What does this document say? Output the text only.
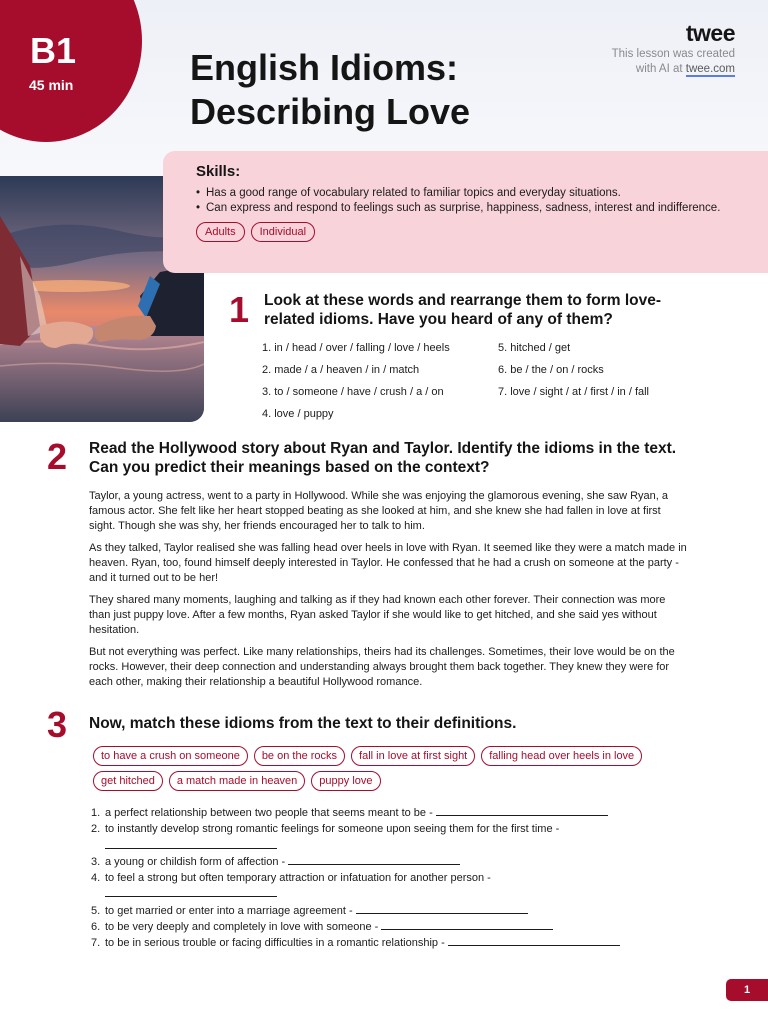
B1
45 min	English Idioms:
Describing Love
twee
This lesson was created
with AI at twee.com
Skills:
• Has a good range of vocabulary related to familiar topics and everyday situations.
• Can express and respond to feelings such as surprise, happiness, sadness, interest and indifference.
Adults	Individual
1 Look at these words and rearrange them to form love-related idioms. Have you heard of any of them?
1. in / head / over / falling / love / heels
2. made / a / heaven / in / match
3. to / someone / have / crush / a / on
4. love / puppy
5. hitched / get
6. be / the / on / rocks
7. love / sight / at / first / in / fall
2 Read the Hollywood story about Ryan and Taylor. Identify the idioms in the text. Can you predict their meanings based on the context?

Taylor, a young actress, went to a party in Hollywood. While she was enjoying the glamorous evening, she saw Ryan, a famous actor. She felt like her heart stopped beating as she looked at him, and she knew she had fallen in love at first sight. Though she was shy, her friends encouraged her to talk to him.

As they talked, Taylor realised she was falling head over heels in love with Ryan. It seemed like they were a match made in heaven. Ryan, too, found himself deeply interested in Taylor. He confessed that he had a crush on someone at the party - and it turned out to be her!

They shared many moments, laughing and talking as if they had known each other forever. Their connection was more than just puppy love. After a few months, Ryan asked Taylor if she would like to get hitched, and she said yes without hesitation.

But not everything was perfect. Like many relationships, theirs had its challenges. Sometimes, their love would be on the rocks. However, their deep connection and understanding always brought them back together. They knew they were for each other, making their relationship a beautiful Hollywood romance.

3 Now, match these idioms from the text to their definitions.
to have a crush on someone	be on the rocks	fall in love at first sight	falling head over heels in love
get hitched	a match made in heaven	puppy love
1. a perfect relationship between two people that seems meant to be -
2. to instantly develop strong romantic feelings for someone upon seeing them for the first time -

3. a young or childish form of affection -
4. to feel a strong but often temporary attraction or infatuation for another person -

5. to get married or enter into a marriage agreement -
6. to be very deeply and completely in love with someone -
7. to be in serious trouble or facing difficulties in a romantic relationship -
1
